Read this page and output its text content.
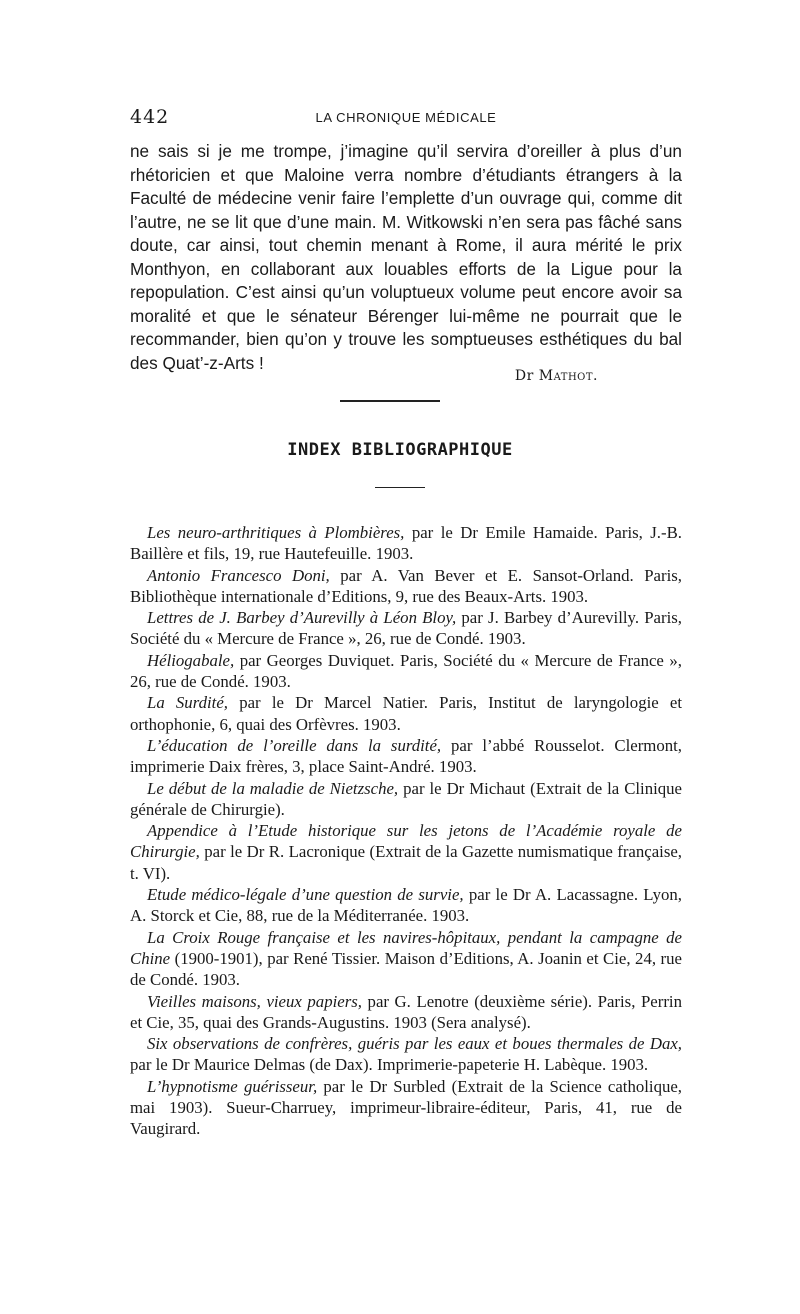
442	LA CHRONIQUE MÉDICALE

ne sais si je me trompe, j’imagine qu’il servira d’oreiller à plus d’un rhétoricien et que Maloine verra nombre d’étudiants étrangers à la Faculté de médecine venir faire l’emplette d’un ouvrage qui, comme dit l’autre, ne se lit que d’une main. M. Witkowski n’en sera pas fâché sans doute, car ainsi, tout chemin menant à Rome, il aura mérité le prix Monthyon, en collaborant aux louables efforts de la Ligue pour la repopulation. C’est ainsi qu’un voluptueux volume peut encore avoir sa moralité et que le sénateur Bérenger lui-même ne pourrait que le recommander, bien qu’on y trouve les somptueuses esthétiques du bal des Quat’-z-Arts !

Dr Mathot.
INDEX BIBLIOGRAPHIQUE

Les neuro-arthritiques à Plombières, par le Dr Emile Hamaide. Paris, J.-B. Baillère et fils, 19, rue Hautefeuille. 1903.

Antonio Francesco Doni, par A. Van Bever et E. Sansot-Orland. Paris, Bibliothèque internationale d’Editions, 9, rue des Beaux-Arts. 1903.

Lettres de J. Barbey d’Aurevilly à Léon Bloy, par J. Barbey d’Aurevilly. Paris, Société du « Mercure de France », 26, rue de Condé. 1903.

Héliogabale, par Georges Duviquet. Paris, Société du « Mercure de France », 26, rue de Condé. 1903.

La Surdité, par le Dr Marcel Natier. Paris, Institut de laryngologie et orthophonie, 6, quai des Orfèvres. 1903.

L’éducation de l’oreille dans la surdité, par l’abbé Rousselot. Clermont, imprimerie Daix frères, 3, place Saint-André. 1903.

Le début de la maladie de Nietzsche, par le Dr Michaut (Extrait de la Clinique générale de Chirurgie).

Appendice à l’Etude historique sur les jetons de l’Académie royale de Chirurgie, par le Dr R. Lacronique (Extrait de la Gazette numismatique française, t. VI).

Etude médico-légale d’une question de survie, par le Dr A. Lacassagne. Lyon, A. Storck et Cie, 88, rue de la Méditerranée. 1903.

La Croix Rouge française et les navires-hôpitaux, pendant la campagne de Chine (1900-1901), par René Tissier. Maison d’Editions, A. Joanin et Cie, 24, rue de Condé. 1903.

Vieilles maisons, vieux papiers, par G. Lenotre (deuxième série). Paris, Perrin et Cie, 35, quai des Grands-Augustins. 1903 (Sera analysé).

Six observations de confrères, guéris par les eaux et boues thermales de Dax, par le Dr Maurice Delmas (de Dax). Imprimerie-papeterie H. Labèque. 1903.

L’hypnotisme guérisseur, par le Dr Surbled (Extrait de la Science catholique, mai 1903). Sueur-Charruey, imprimeur-libraire-éditeur, Paris, 41, rue de Vaugirard.
